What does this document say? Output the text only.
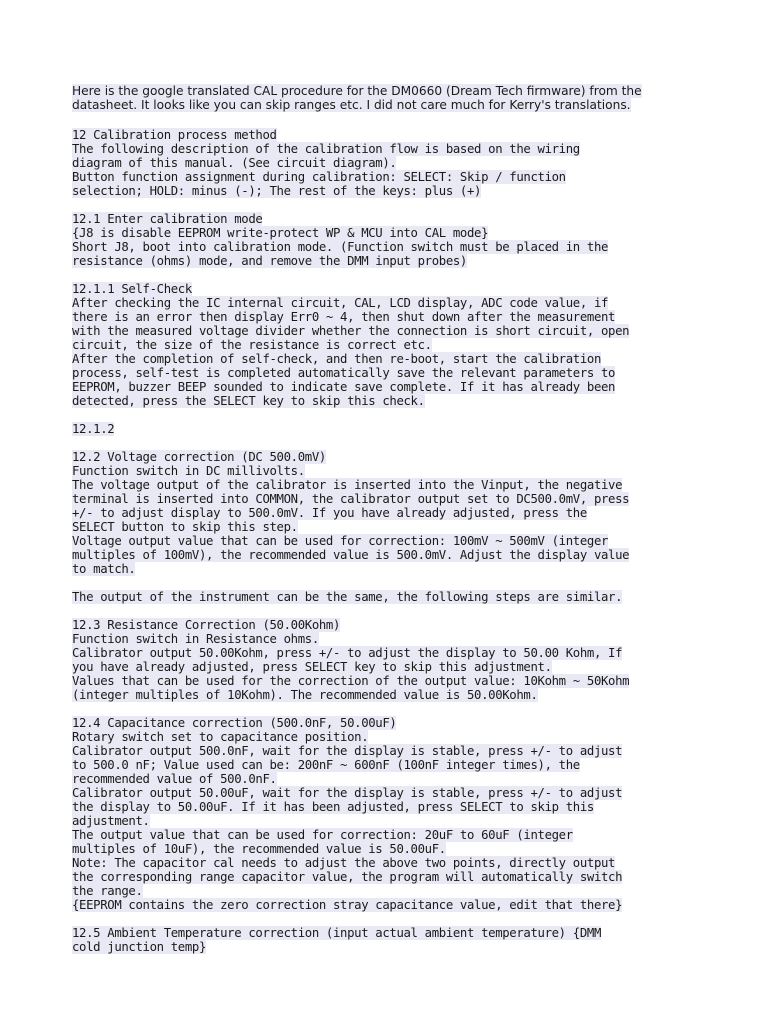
Here is the google translated CAL procedure for the DM0660 (Dream Tech firmware) from the
datasheet. It looks like you can skip ranges etc. I did not care much for Kerry's translations.
12 Calibration process method
The following description of the calibration flow is based on the wiring
diagram of this manual. (See circuit diagram).
Button function assignment during calibration: SELECT: Skip / function
selection; HOLD: minus (-); The rest of the keys: plus (+)
12.1 Enter calibration mode
{J8 is disable EEPROM write-protect WP & MCU into CAL mode}
Short J8, boot into calibration mode. (Function switch must be placed in the
resistance (ohms) mode, and remove the DMM input probes)
12.1.1 Self-Check
After checking the IC internal circuit, CAL, LCD display, ADC code value, if
there is an error then display Err0 ~ 4, then shut down after the measurement
with the measured voltage divider whether the connection is short circuit, open
circuit, the size of the resistance is correct etc.
After the completion of self-check, and then re-boot, start the calibration
process, self-test is completed automatically save the relevant parameters to
EEPROM, buzzer BEEP sounded to indicate save complete. If it has already been
detected, press the SELECT key to skip this check.
12.1.2
12.2 Voltage correction (DC 500.0mV)
Function switch in DC millivolts.
The voltage output of the calibrator is inserted into the Vinput, the negative
terminal is inserted into COMMON, the calibrator output set to DC500.0mV, press
+/- to adjust display to 500.0mV. If you have already adjusted, press the
SELECT button to skip this step.
Voltage output value that can be used for correction: 100mV ~ 500mV (integer
multiples of 100mV), the recommended value is 500.0mV. Adjust the display value
to match.
The output of the instrument can be the same, the following steps are similar.
12.3 Resistance Correction (50.00Kohm)
Function switch in Resistance ohms.
Calibrator output 50.00Kohm, press +/- to adjust the display to 50.00 Kohm, If
you have already adjusted, press SELECT key to skip this adjustment.
Values that can be used for the correction of the output value: 10Kohm ~ 50Kohm
(integer multiples of 10Kohm). The recommended value is 50.00Kohm.
12.4 Capacitance correction (500.0nF, 50.00uF)
Rotary switch set to capacitance position.
Calibrator output 500.0nF, wait for the display is stable, press +/- to adjust
to 500.0 nF; Value used can be: 200nF ~ 600nF (100nF integer times), the
recommended value of 500.0nF.
Calibrator output 50.00uF, wait for the display is stable, press +/- to adjust
the display to 50.00uF. If it has been adjusted, press SELECT to skip this
adjustment.
The output value that can be used for correction: 20uF to 60uF (integer
multiples of 10uF), the recommended value is 50.00uF.
Note: The capacitor cal needs to adjust the above two points, directly output
the corresponding range capacitor value, the program will automatically switch
the range.
{EEPROM contains the zero correction stray capacitance value, edit that there}
12.5 Ambient Temperature correction (input actual ambient temperature) {DMM
cold junction temp}
